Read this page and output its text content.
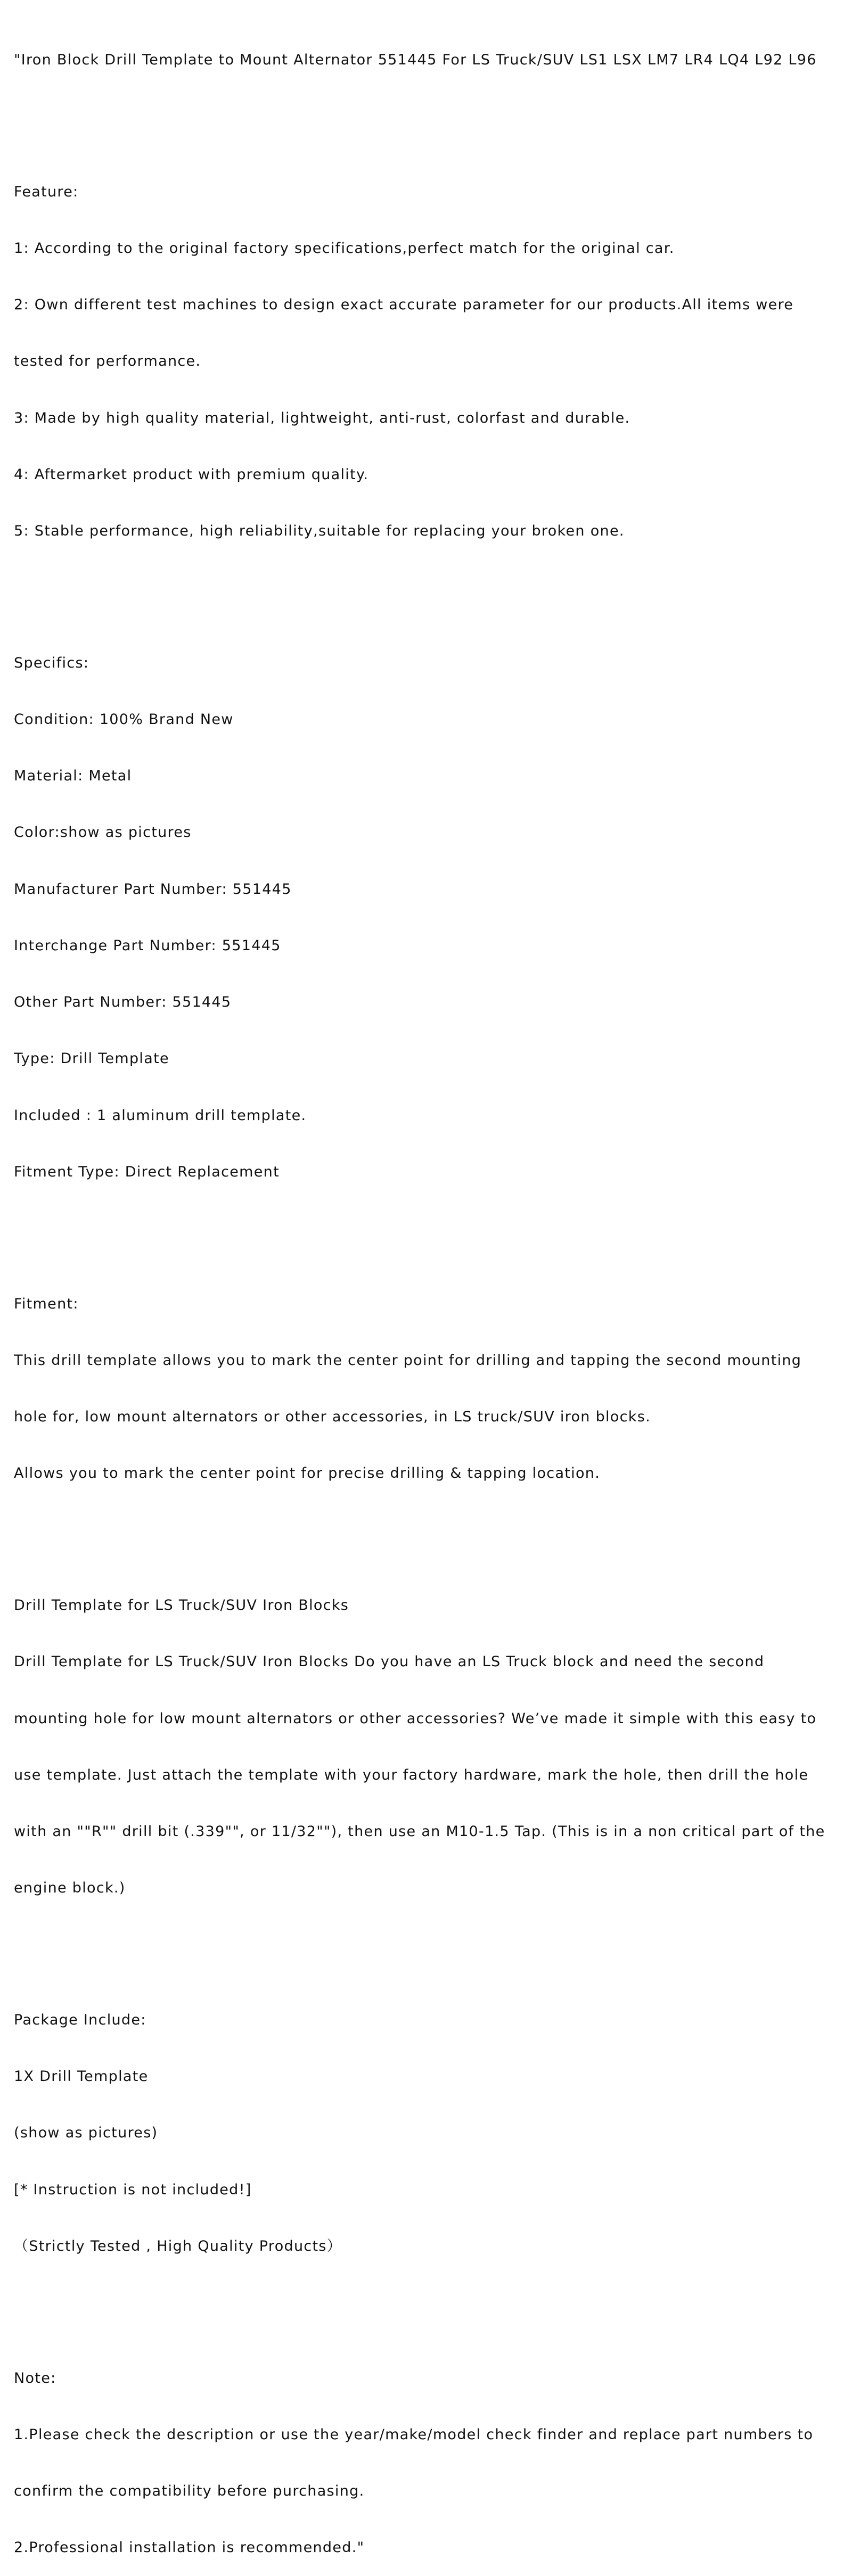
"Iron Block Drill Template to Mount Alternator 551445 For LS Truck/SUV LS1 LSX LM7 LR4 LQ4 L92 L96

Feature:

1: According to the original factory specifications,perfect match for the original car.

2: Own different test machines to design exact accurate parameter for our products.All items were

tested for performance.

3: Made by high quality material, lightweight, anti-rust, colorfast and durable.

4: Aftermarket product with premium quality.

5: Stable performance, high reliability,suitable for replacing your broken one.

Specifics:

Condition: 100% Brand New

Material: Metal

Color:show as pictures

Manufacturer Part Number: 551445

Interchange Part Number: 551445

Other Part Number: 551445

Type: Drill Template

Included : 1 aluminum drill template.

Fitment Type: Direct Replacement

Fitment:

This drill template allows you to mark the center point for drilling and tapping the second mounting

hole for, low mount alternators or other accessories, in LS truck/SUV iron blocks.

Allows you to mark the center point for precise drilling & tapping location.

Drill Template for LS Truck/SUV Iron Blocks

Drill Template for LS Truck/SUV Iron Blocks Do you have an LS Truck block and need the second

mounting hole for low mount alternators or other accessories? We’ve made it simple with this easy to

use template. Just attach the template with your factory hardware, mark the hole, then drill the hole

with an ""R"" drill bit (.339"", or 11/32""), then use an M10-1.5 Tap. (This is in a non critical part of the

engine block.)

Package Include:

1X Drill Template

(show as pictures)

[* Instruction is not included!]

（Strictly Tested , High Quality Products）

Note:

1.Please check the description or use the year/make/model check finder and replace part numbers to

confirm the compatibility before purchasing.

2.Professional installation is recommended."
